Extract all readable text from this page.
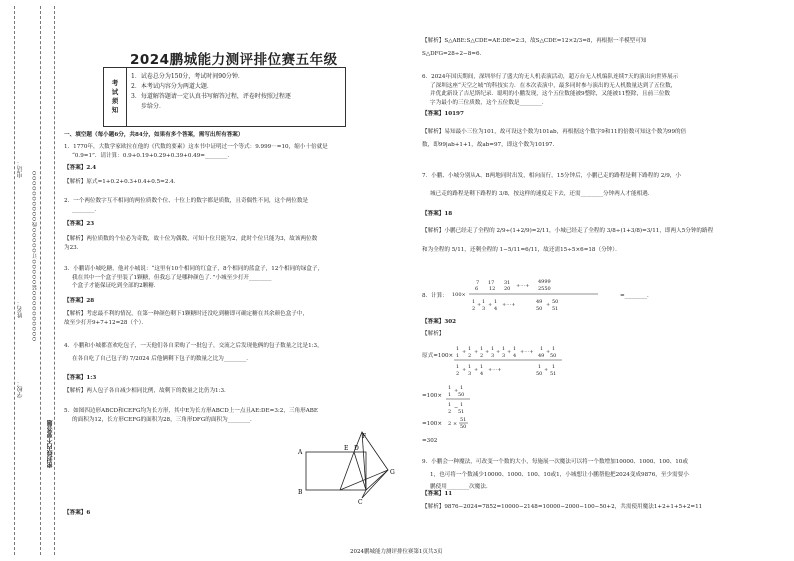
学校：
姓名：
电话：
OOOOOOOOOO装OOOOO订OOOOO线OOOOOOOOOO
密封线内不要答题
2024鹏城能力测评排位赛五年级
考
试
须
知
1．试卷总分为150分，考试时间90分钟．
2．本考试内容分为两道大题．
3．每道解答题请一定认真书写解答过程，评卷时按照过程逐
步给分．
一、填空题（每小题6分，共84分，如果有多个答案，需写出所有答案）
1．1770年，大数学家欧拉在他的《代数的要素》这本书中证明过一个等式：9.999⋯=10，缩小十倍就是
“0.9=1”．请计算：0.9+0.19+0.29+0.39+0.49=________．
【答案】2.4
【解析】原式=1+0.2+0.3+0.4+0.5=2.4．
2．一个两位数字互不相同的两位质数个位、十位上的数字都是质数，且奇偶性不同，这个两位数是
________．
【答案】23
【解析】两位质数的个位必为奇数，故十位为偶数，可知十位只能为2，此时个位只能为3，故该两位数
为23．
3．小鹏请小城吃糖，他对小城说：“这里有10个相同的红盒子，8个相同的蓝盒子，12个相同的绿盒子，
我在其中一个盒子里装了1颗糖，但我忘了是哪种颜色了．”小城至少打开________
个盒子才能保证吃到全部的2颗糖．
【答案】28
【解析】考虑最不利的情况，在第一种颜色剩下1颗糖时还没吃到糖即可确定糖在其余颜色盒子中，
故至少打开9+7+12=28（个）．
4．小鹏和小城都喜欢吃包子，一天他们各自采购了一批包子，交流之后发现他俩的包子数量之比是1:3，
在各自吃了自己包子的 7/2024 后他俩剩下包子的数量之比为________．
【答案】1:3
【解析】两人包子各自减少相同比例，故剩下的数量之比仍为1:3．
5．如图四边形ABCD和CEFG均为长方形，其中E为长方形ABCD上一点且AE:DE=3:2，三角形ABE
的面积为12，长方形CEFG的面积为28，三角形DFG的面积为________．
A
B
C
D
E
F
G
【答案】6
【解析】S△ABE:S△CDE=AE:DE=2:3，故S△CDE=12×2/3=8，再根据一半模型可知
S△DFG=28÷2−8=6．
6．2024年国庆期间，深圳举行了盛大的无人机表演活动，超万台无人机编队连续7天的演出向世界展示
了深圳这座“天空之城”的科技实力．在本次表演中，最多同时参与演出的无人机数量达到了五位数，
并优此新设了吉尼斯纪录．聪明的小鹏发现，这个五位数能被9整除，又能被11整除，且前三位数
字为最小的三位质数，这个五位数是________．
【答案】10197
【解析】易知最小三位为101，故可设这个数为101ab，再根据这个数字9和11的倍数可知这个数为99的倍
数，即99|ab+1+1，故ab=97，即这个数为10197．
7．小鹏、小城分别从A、B两地同时出发，相向而行，15分钟后，小鹏已走的路程是剩下路程的 2/9，小
城已走的路程是剩下路程的 3/8，按这样的速度走下去，还需________分钟两人才能相遇．
【答案】18
【解析】小鹏已经走了全程的 2/9÷(1+2/9)=2/11，小城已经走了全程的 3/8÷(1+3/8)=3/11，即两人5分钟的路程
和为全程的 5/11，还剩全程的 1−5/11=6/11，故还需15÷5×6=18（分钟）．
8．计算： 100×
7
6
17
12
31
20 +⋯+
4999
2550
1
2
+ 1
3
+ 1
4
+⋯+	49
50
+ 50
51
=________．
【答案】302
【解析】
原式=100×
1
1
+ 1
2
+ 1
2
+ 1
3
+ 1
3
+ 1
4
+⋯+ 1
49
+ 1
50
1
2
+ 1
3
+ 1
4
+⋯+	1
50
+ 1
51
=100×
1
1
+ 1
50
1
2
− 1
51
=100× 2 ×
51
50
=302
9．小鹏会一种魔法，可改变一个数的大小，每施展一次魔法可以将一个数增加10000、1000、100、10或
1，也可将一个数减少10000、1000、100、10或1，小城想让小鹏帮他把2024变成9876，至少需要小
鹏使用________次魔法．
【答案】11
【解析】9876−2024=7852=10000−2148=10000−2000−100−50+2，共需使用魔法1+2+1+5+2=11
2024鹏城能力测评排位赛第1页共3页
